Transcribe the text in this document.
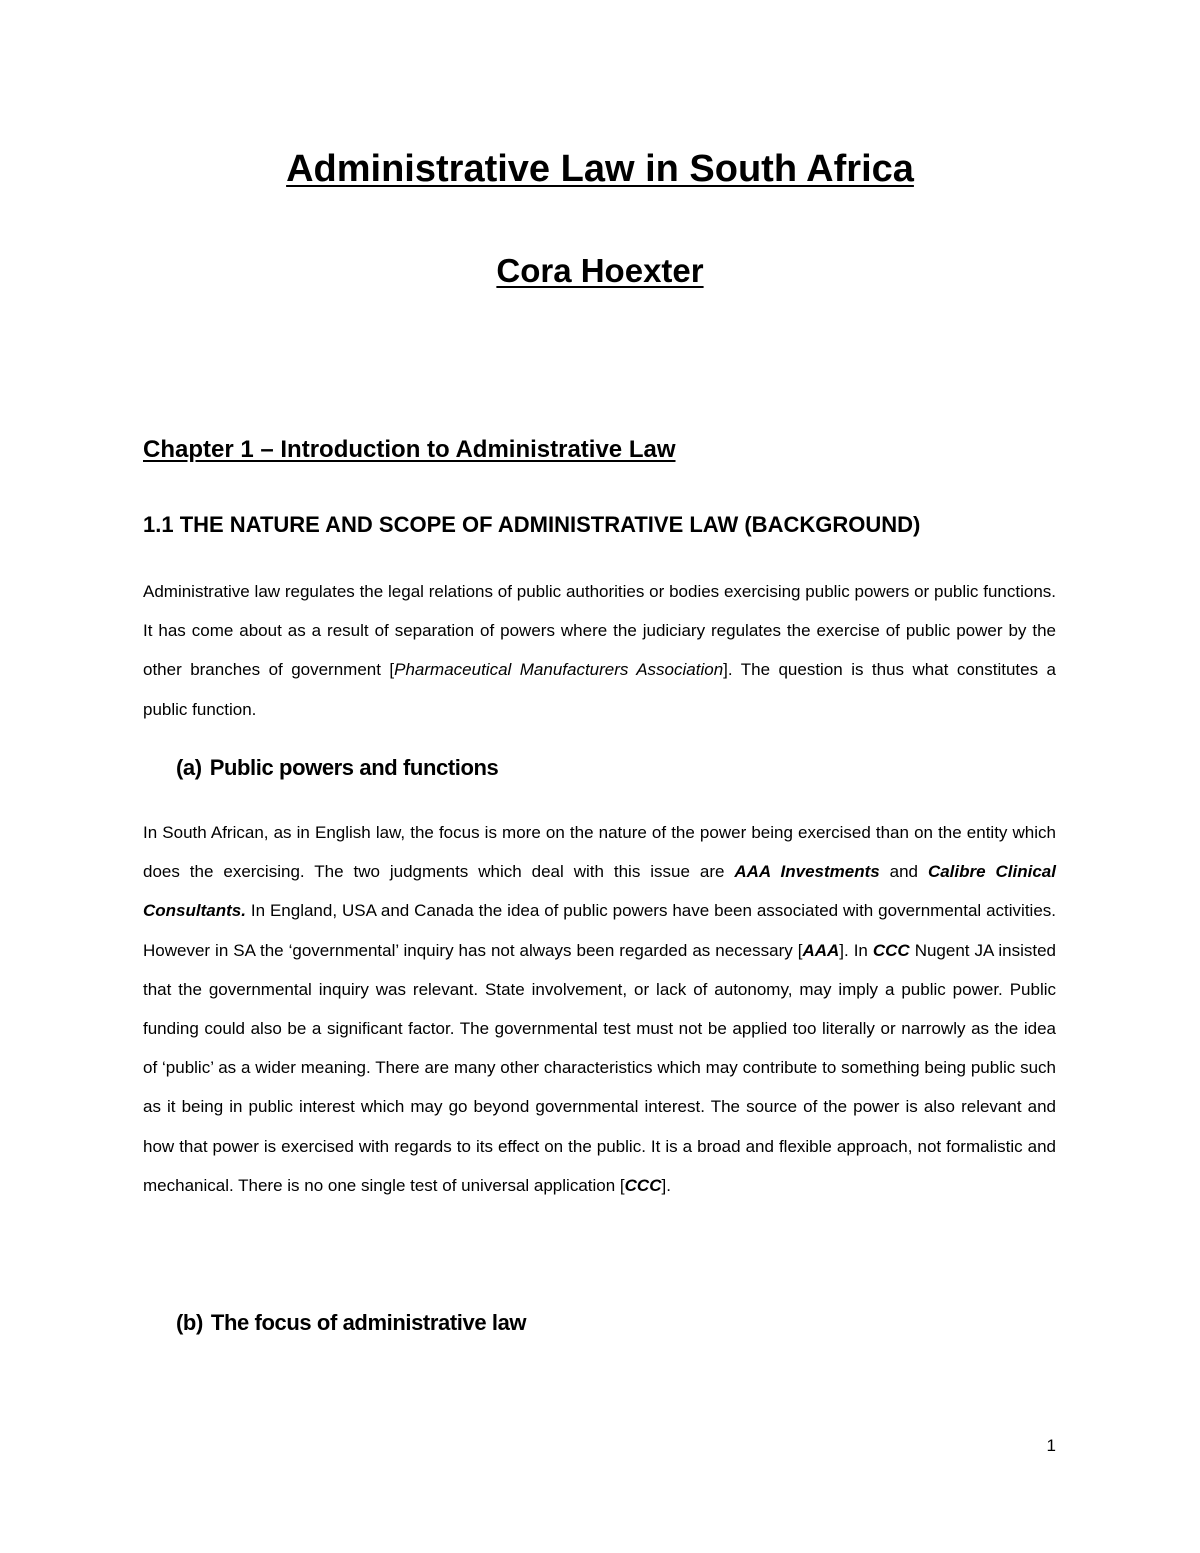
Administrative Law in South Africa
Cora Hoexter
Chapter 1 – Introduction to Administrative Law
1.1 THE NATURE AND SCOPE OF ADMINISTRATIVE LAW (BACKGROUND)

Administrative law regulates the legal relations of public authorities or bodies exercising public powers or public functions. It has come about as a result of separation of powers where the judiciary regulates the exercise of public power by the other branches of government [Pharmaceutical Manufacturers Association]. The question is thus what constitutes a public function.

(a) Public powers and functions

In South African, as in English law, the focus is more on the nature of the power being exercised than on the entity which does the exercising. The two judgments which deal with this issue are AAA Investments and Calibre Clinical Consultants. In England, USA and Canada the idea of public powers have been associated with governmental activities. However in SA the ‘governmental’ inquiry has not always been regarded as necessary [AAA]. In CCC Nugent JA insisted that the governmental inquiry was relevant. State involvement, or lack of autonomy, may imply a public power. Public funding could also be a significant factor. The governmental test must not be applied too literally or narrowly as the idea of ‘public’ as a wider meaning. There are many other characteristics which may contribute to something being public such as it being in public interest which may go beyond governmental interest. The source of the power is also relevant and how that power is exercised with regards to its effect on the public. It is a broad and flexible approach, not formalistic and mechanical. There is no one single test of universal application [CCC].

(b) The focus of administrative law

1
